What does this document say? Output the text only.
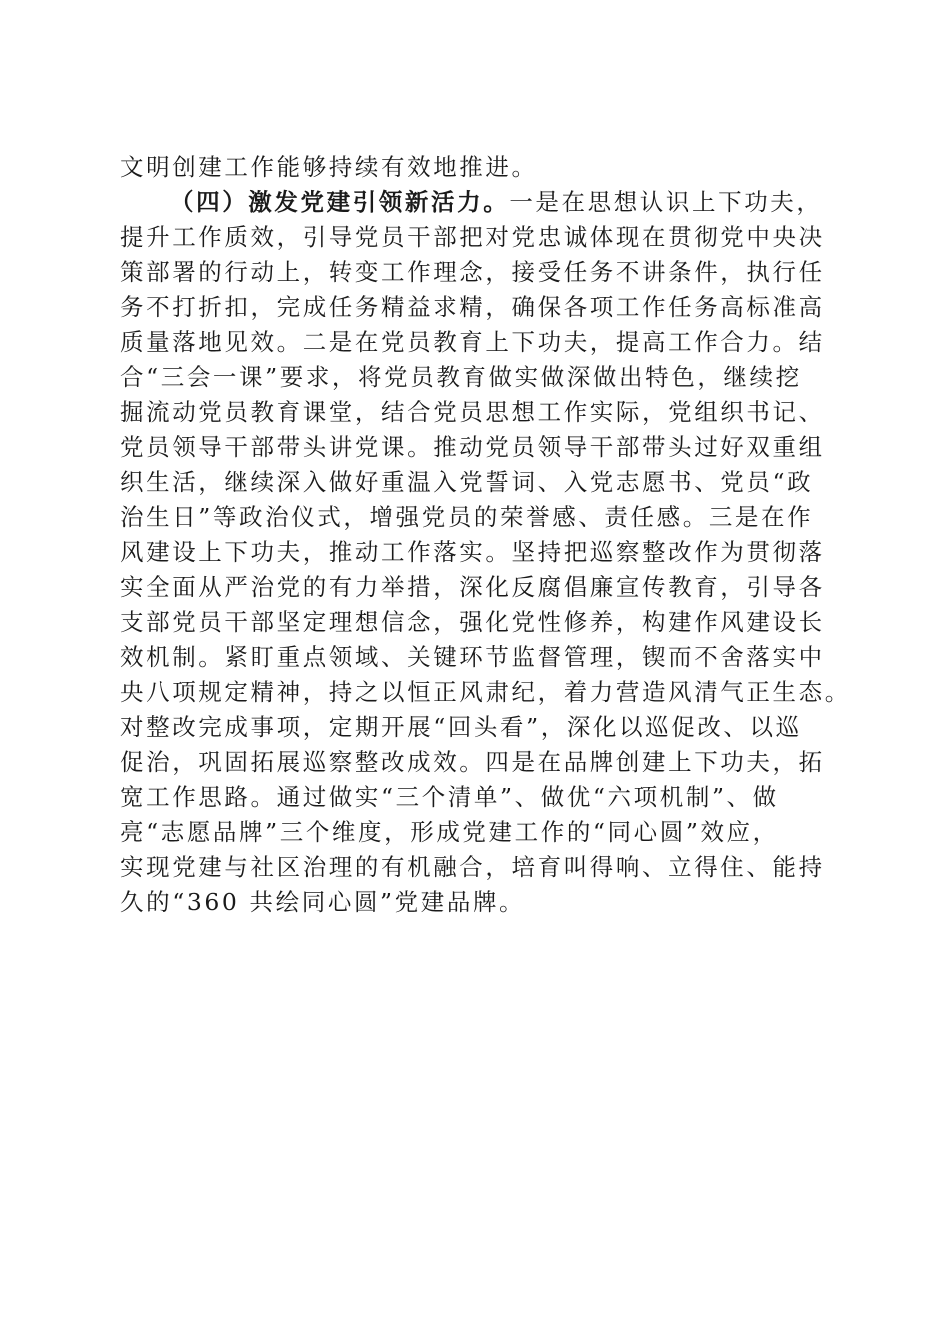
文明创建工作能够持续有效地推进。
（四）激发党建引领新活力。一是在思想认识上下功夫，
提升工作质效，引导党员干部把对党忠诚体现在贯彻党中央决
策部署的行动上，转变工作理念，接受任务不讲条件，执行任
务不打折扣，完成任务精益求精，确保各项工作任务高标准高
质量落地见效。二是在党员教育上下功夫，提高工作合力。结
合“三会一课”要求，将党员教育做实做深做出特色，继续挖
掘流动党员教育课堂，结合党员思想工作实际，党组织书记、
党员领导干部带头讲党课。推动党员领导干部带头过好双重组
织生活，继续深入做好重温入党誓词、入党志愿书、党员“政
治生日”等政治仪式，增强党员的荣誉感、责任感。三是在作
风建设上下功夫，推动工作落实。坚持把巡察整改作为贯彻落
实全面从严治党的有力举措，深化反腐倡廉宣传教育，引导各
支部党员干部坚定理想信念，强化党性修养，构建作风建设长
效机制。紧盯重点领域、关键环节监督管理，锲而不舍落实中
央八项规定精神，持之以恒正风肃纪，着力营造风清气正生态。
对整改完成事项，定期开展“回头看”，深化以巡促改、以巡
促治，巩固拓展巡察整改成效。四是在品牌创建上下功夫，拓
宽工作思路。通过做实“三个清单”、做优“六项机制”、做
亮“志愿品牌”三个维度，形成党建工作的“同心圆”效应，
实现党建与社区治理的有机融合，培育叫得响、立得住、能持
久的“360 共绘同心圆”党建品牌。
